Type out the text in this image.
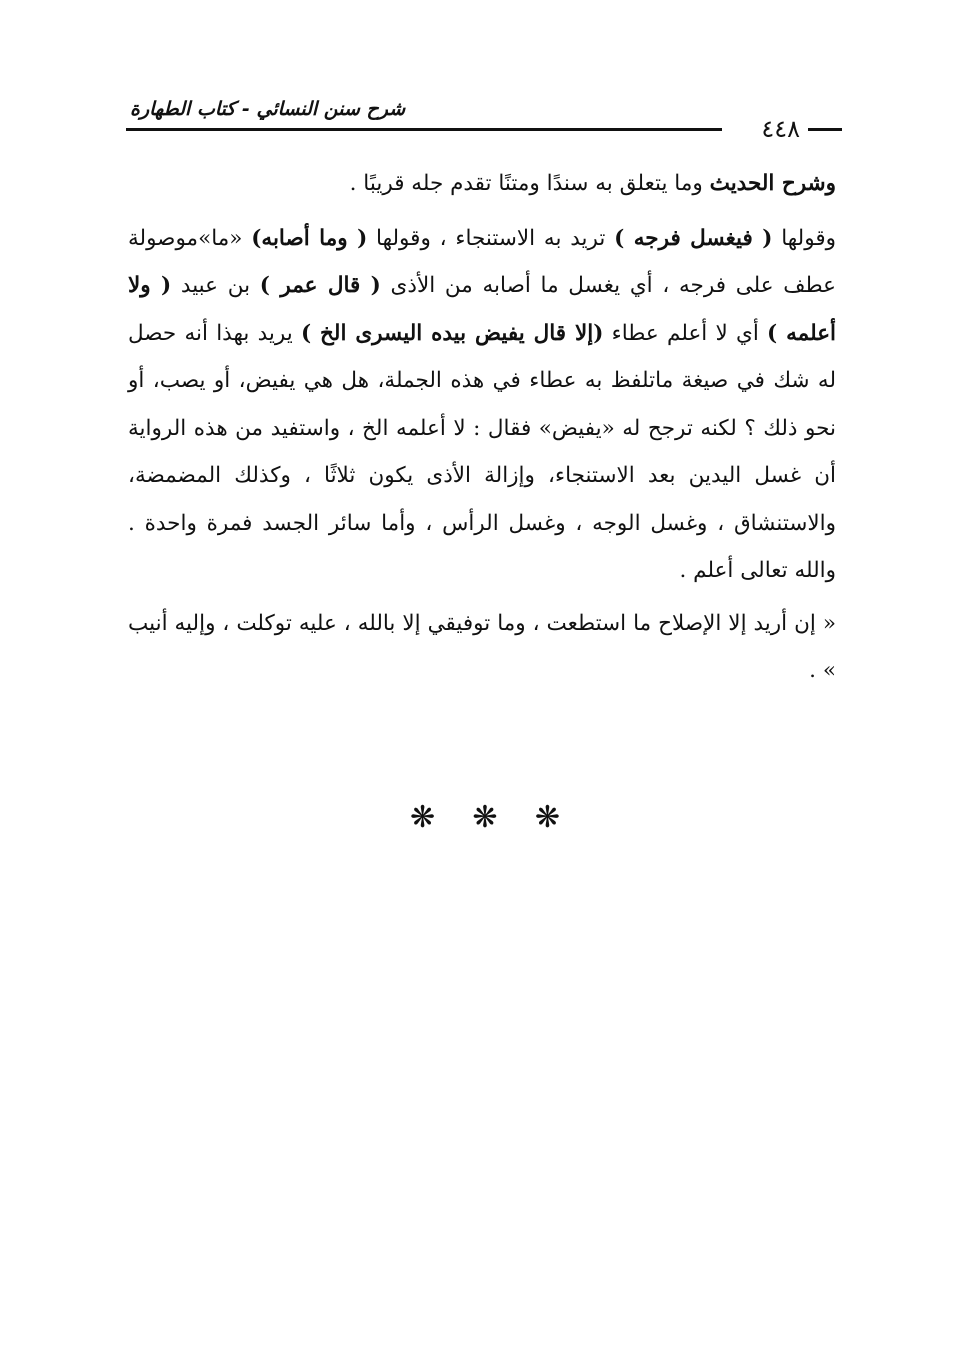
شرح سنن النسائي - كتاب الطهارة
٤٤٨

وشرح الحديث وما يتعلق به سندًا ومتنًا تقدم جله قريبًا .

وقولها ( فيغسل فرجه ) تريد به الاستنجاء ، وقولها ( وما أصابه) «ما»موصولة عطف على فرجه ، أي يغسل ما أصابه من الأذى ( قال عمر ) بن عبيد ( ولا أعلمه ) أي لا أعلم عطاء (إلا قال يفيض بيده اليسرى الخ ) يريد بهذا أنه حصل له شك في صيغة ماتلفظ به عطاء في هذه الجملة، هل هي يفيض، أو يصب، أو نحو ذلك ؟ لكنه ترجح له «يفيض» فقال : لا أعلمه الخ ، واستفيد من هذه الرواية أن غسل اليدين بعد الاستنجاء، وإزالة الأذى يكون ثلاثًا ، وكذلك المضمضة، والاستنشاق ، وغسل الوجه ، وغسل الرأس ، وأما سائر الجسد فمرة واحدة . والله تعالى أعلم .

« إن أريد إلا الإصلاح ما استطعت ، وما توفيقي إلا بالله ، عليه توكلت ، وإليه أنيب » .

❋ ❋ ❋
